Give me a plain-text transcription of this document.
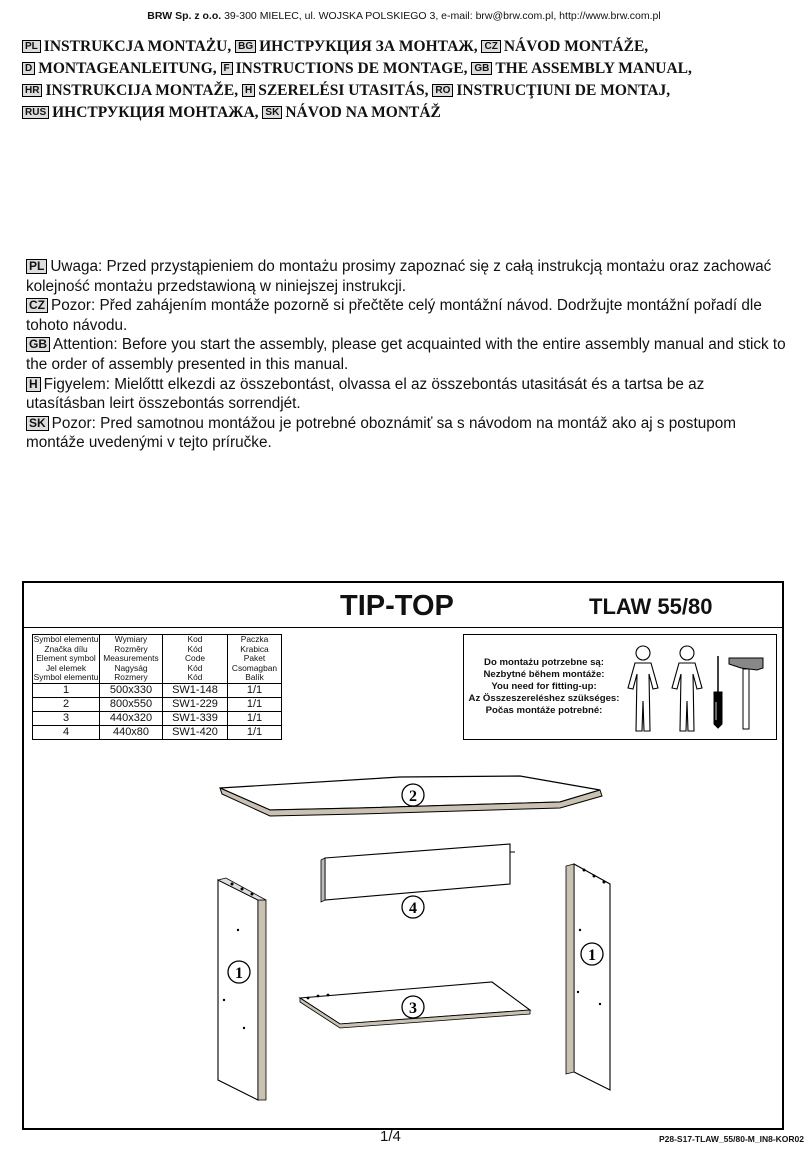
BRW Sp. z o.o. 39-300 MIELEC, ul. WOJSKA POLSKIEGO 3, e-mail: brw@brw.com.pl, http://www.brw.com.pl
PL INSTRUKCJA MONTAŻU, BG ИНСТРУКЦИЯ ЗА МОНТАЖ, CZ NÁVOD MONTÁŽE,
D MONTAGEANLEITUNG, F INSTRUCTIONS DE MONTAGE, GB THE ASSEMBLY MANUAL,
HR INSTRUKCIJA MONTAŽE, H SZERELÉSI UTASITÁS, RO INSTRUCŢIUNI DE MONTAJ,
RUS ИНСТРУКЦИЯ МОНТАЖА, SK NÁVOD NA MONTÁŽ

PL Uwaga: Przed przystąpieniem do montażu prosimy zapoznać się z całą instrukcją montażu oraz zachować kolejność montażu przedstawioną w niniejszej instrukcji.

CZ Pozor: Před zahájením montáže pozorně si přečtěte celý montážní návod. Dodržujte montážní pořadí dle tohoto návodu.

GB Attention: Before you start the assembly, please get acquainted with the entire assembly manual and stick to the order of assembly presented in this manual.

H Figyelem: Mielőttt elkezdi az összebontást, olvassa el az összebontás utasitását és a tartsa be az utasításban leirt összebontás sorrendjét.

SK Pozor: Pred samotnou montážou je potrebné oboznámiť sa s návodom na montáž ako aj s postupom montáže uvedenými v tejto príručke.

TIP-TOP	TLAW 55/80
Symbol elementu
Značka dílu
Element symbol
Jel elemek
Symbol elementu	Wymiary
Rozměry
Measurements
Nagyság
Rozmery	Kod
Kód
Code
Kód
Kód	Paczka
Krabica
Paket
Csomagban
Balík
1	500x330	SW1-148	1/1
2	800x550	SW1-229	1/1
3	440x320	SW1-339	1/1
4	440x80	SW1-420	1/1
Do montażu potrzebne są:
Nezbytné během montáže:
You need for fitting-up:
Az Összeszereléshez szükséges:
Počas montáže potrebné:
2
4
3
1
1
1/4	P28-S17-TLAW_55/80-M_IN8-KOR02
